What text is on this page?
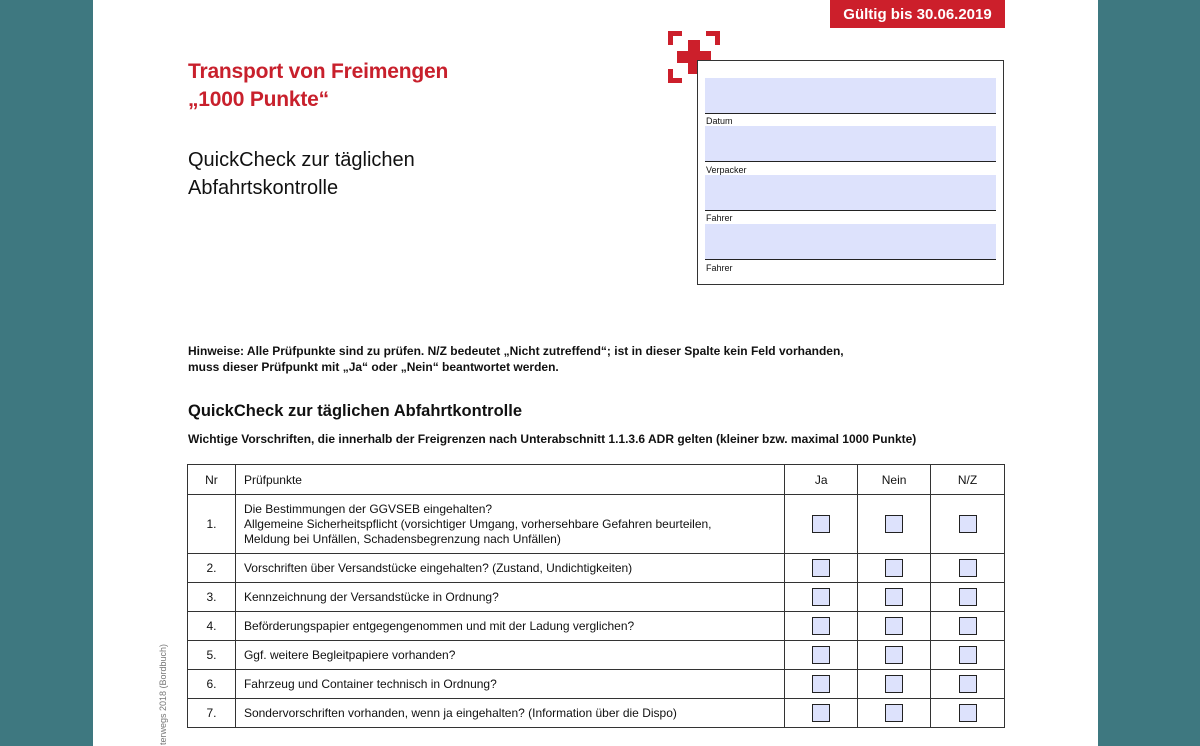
Gültig bis 30.06.2019
Transport von Freimengen
„1000 Punkte“
QuickCheck zur täglichen
Abfahrtskontrolle
Datum
Verpacker
Fahrer
Fahrer
Hinweise: Alle Prüfpunkte sind zu prüfen. N/Z bedeutet „Nicht zutreffend“; ist in dieser Spalte kein Feld vorhanden,
muss dieser Prüfpunkt mit „Ja“ oder „Nein“ beantwortet werden.
QuickCheck zur täglichen Abfahrtkontrolle
Wichtige Vorschriften, die innerhalb der Freigrenzen nach Unterabschnitt 1.1.3.6 ADR gelten (kleiner bzw. maximal 1000 Punkte)
Nr	Prüfpunkte	Ja	Nein	N/Z
1.	Die Bestimmungen der GGVSEB eingehalten?
Allgemeine Sicherheitspflicht (vorsichtiger Umgang, vorhersehbare Gefahren beurteilen,
Meldung bei Unfällen, Schadensbegrenzung nach Unfällen)			

2.	Vorschriften über Versandstücke eingehalten? (Zustand, Undichtigkeiten)			
3.	Kennzeichnung der Versandstücke in Ordnung?			
4.	Beförderungspapier entgegengenommen und mit der Ladung verglichen?			
5.	Ggf. weitere Begleitpapiere vorhanden?			
6.	Fahrzeug und Container technisch in Ordnung?			
7.	Sondervorschriften vorhanden, wenn ja eingehalten? (Information über die Dispo)			
terwegs 2018 (Bordbuch)
